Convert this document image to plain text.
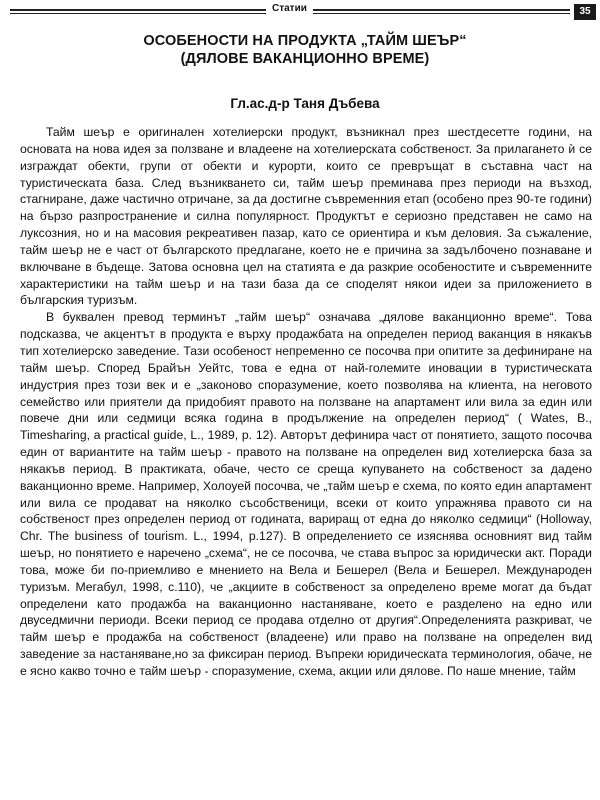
Статии	35
ОСОБЕНОСТИ НА ПРОДУКТА „ТАЙМ ШЕЪР“
(ДЯЛОВЕ ВАКАНЦИОННО ВРЕМЕ)
Гл.ас.д-р Таня Дъбева

Тайм шеър е оригинален хотелиерски продукт, възникнал през шестдесетте години, на основата на нова идея за ползване и владеене на хотелиерската собственост. За прилагането ѝ се изграждат обекти, групи от обекти и курорти, които се превръщат в съставна част на туристическата база. След възникването си, тайм шеър преминава през периоди на възход, стагниране, даже частично отричане, за да достигне съвременния етап (особено през 90-те години) на бързо разпространение и силна популярност. Продуктът е сериозно представен не само на луксозния, но и на масовия рекреативен пазар, като се ориентира и към деловия. За съжаление, тайм шеър не е част от българското предлагане, което не е причина за задълбочено познаване и включване в бъдеще. Затова основна цел на статията е да разкрие особеностите и съвременните характеристики на тайм шеър и на тази база да се споделят някои идеи за приложението в българския туризъм.

В буквален превод терминът „тайм шеър“ означава „дялове ваканционно време“. Това подсказва, че акцентът в продукта е върху продажбата на определен период ваканция в някакъв тип хотелиерско заведение. Тази особеност непременно се посочва при опитите за дефиниране на тайм шеър. Според Брайън Уейтс, това е една от най-големите иновации в туристическата индустрия през този век и е „законово споразумение, което позволява на клиента, на неговото семейство или приятели да придобият правото на ползване на апартамент или вила за един или повече дни или седмици всяка година в продължение на определен период“ ( Wates, B., Timesharing, a practical guide, L., 1989, p. 12). Авторът дефинира част от понятието, защото посочва един от вариантите на тайм шеър - правото на ползване на определен вид хотелиерска база за някакъв период. В практиката, обаче, често се среща купуването на собственост за дадено ваканционно време. Например, Холоуей посочва, че „тайм шеър е схема, по която един апартамент или вила се продават на няколко съсобственици, всеки от които упражнява правото си на собственост през определен период от годината, вариращ от една до няколко седмици“ (Holloway, Chr. The business of tourism. L., 1994, p.127). В определението се изяснява основният вид тайм шеър, но понятието е наречено „схема“, не се посочва, че става въпрос за юридически акт. Поради това, може би по-приемливо е мнението на Вела и Бешерел (Вела и Бешерел. Международен туризъм. Мегабул, 1998, с.110), че „акциите в собственост за определено време могат да бъдат определени като продажба на ваканционно настаняване, което е разделено на едно или двуседмични периоди. Всеки период се продава отделно от другия“.Определенията разкриват, че тайм шеър е продажба на собственост (владеене) или право на ползване на определен вид заведение за настаняване,но за фиксиран период. Въпреки юридическата терминология, обаче, не е ясно какво точно е тайм шеър - споразумение, схема, акции или дялове. По наше мнение, тайм
